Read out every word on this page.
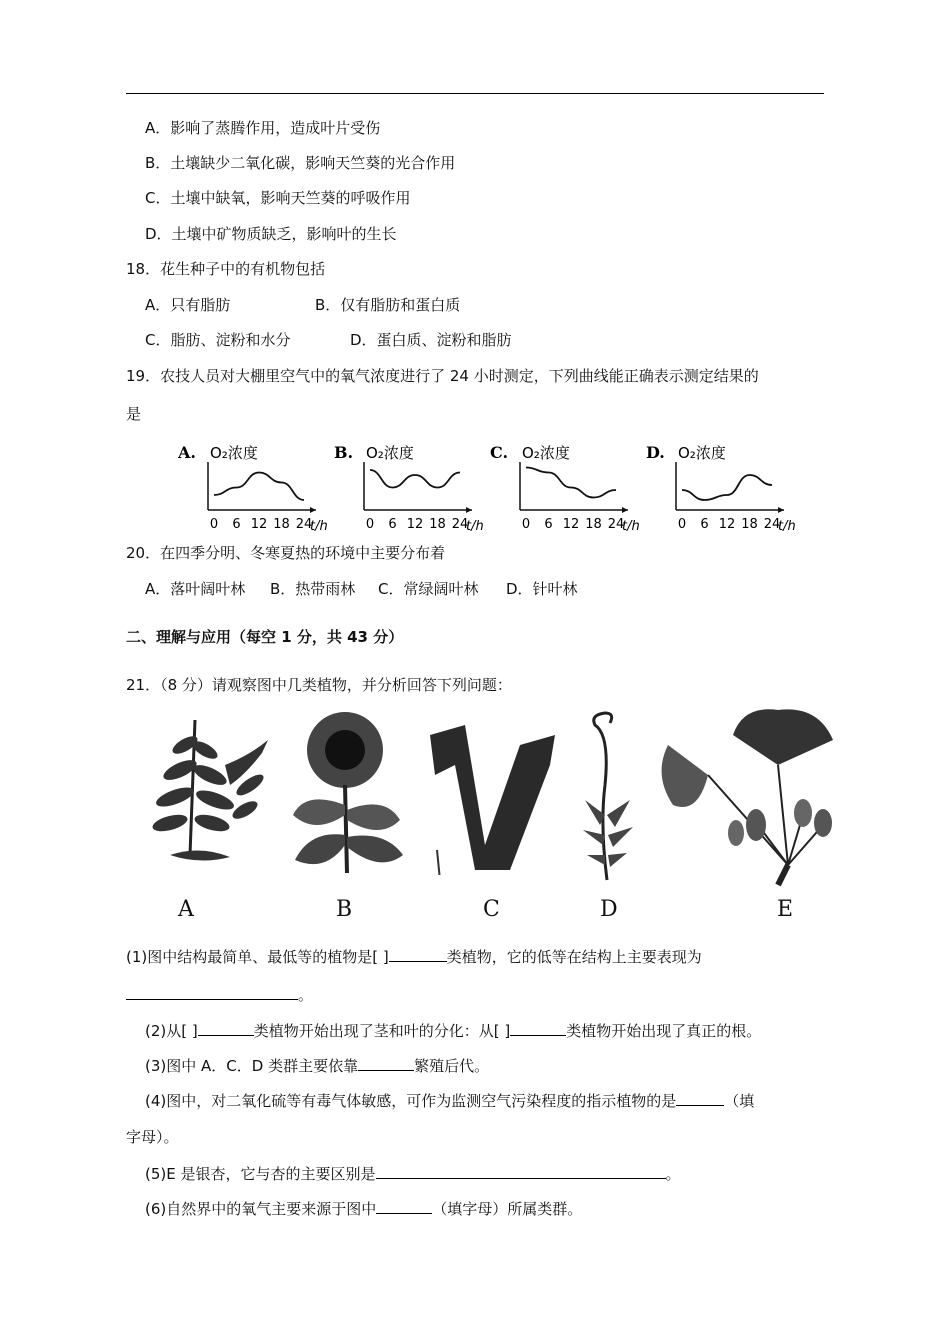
A．影响了蒸腾作用，造成叶片受伤
B．土壤缺少二氧化碳，影响天竺葵的光合作用
C．土壤中缺氧，影响天竺葵的呼吸作用
D．土壤中矿物质缺乏，影响叶的生长
18．花生种子中的有机物包括
A．只有脂肪	B．仅有脂肪和蛋白质
C．脂肪、淀粉和水分	D．蛋白质、淀粉和脂肪
19．农技人员对大棚里空气中的氧气浓度进行了 24 小时测定，下列曲线能正确表示测定结果的
是
A. O₂浓度
0 6 12 18 24
t/h
B. O₂浓度
0 6 12 18 24
t/h
C. O₂浓度
0 6 12 18 24
t/h
D. O₂浓度
0 6 12 18 24
t/h
20．在四季分明、冬寒夏热的环境中主要分布着
A．落叶阔叶林 B．热带雨林 C．常绿阔叶林 D．针叶林
二、理解与应用（每空 1 分，共 43 分）
21．（8 分）请观察图中几类植物，并分析回答下列问题：
A	B	C	D	E
(1)图中结构最简单、最低等的植物是[ ]	类植物，它的低等在结构上主要表现为
。
(2)从[ ]	类植物开始出现了茎和叶的分化：从[ ]	类植物开始出现了真正的根。
(3)图中 A．C．D 类群主要依靠	繁殖后代。
(4)图中，对二氧化硫等有毒气体敏感，可作为监测空气污染程度的指示植物的是	（填
字母）。
(5)E 是银杏，它与杏的主要区别是	。
(6)自然界中的氧气主要来源于图中	（填字母）所属类群。
